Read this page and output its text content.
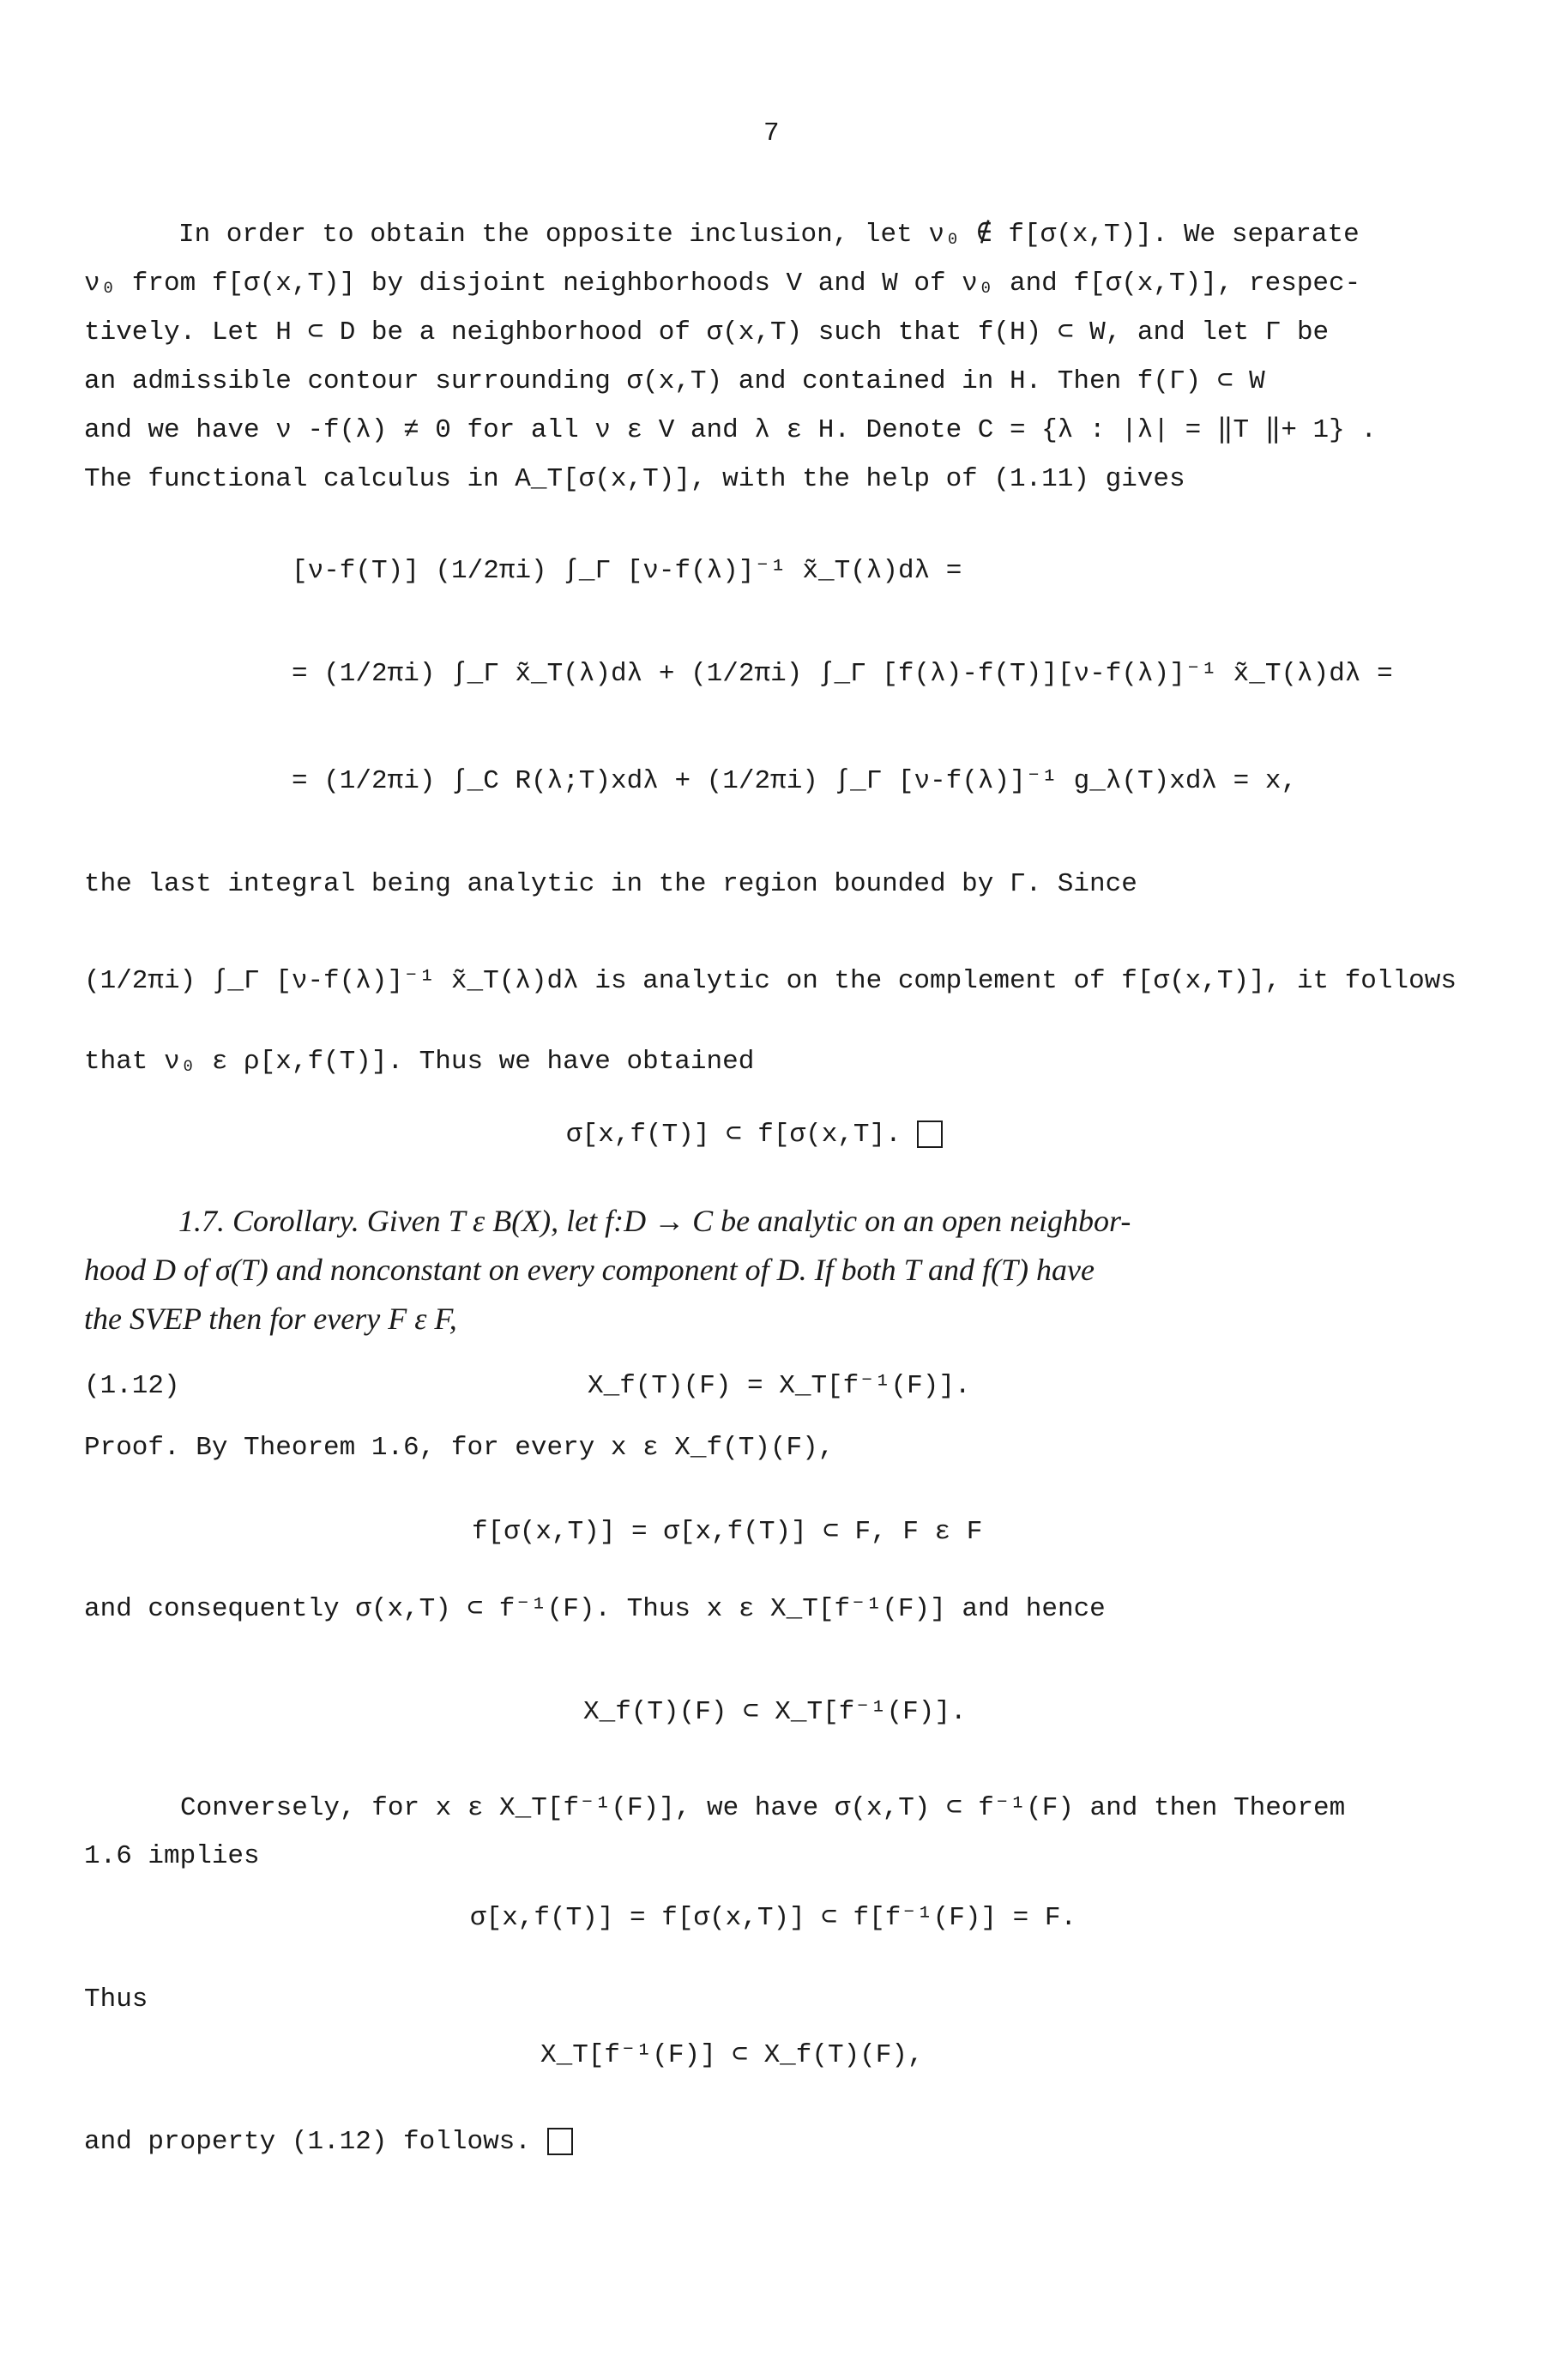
7
In order to obtain the opposite inclusion, let ν₀ ∉ f[σ(x,T)]. We separate
ν₀ from f[σ(x,T)] by disjoint neighborhoods V and W of ν₀ and f[σ(x,T)], respec-
tively. Let H ⊂ D be a neighborhood of σ(x,T) such that f(H) ⊂ W, and let Γ be
an admissible contour surrounding σ(x,T) and contained in H. Then f(Γ) ⊂ W
and we have ν -f(λ) ≠ 0 for all ν ε V and λ ε H. Denote C = {λ : |λ| = ‖T ‖+ 1} .
The functional calculus in A_T[σ(x,T)], with the help of (1.11) gives
[ν-f(T)] (1/2πi) ∫_Γ [ν-f(λ)]⁻¹ x̃_T(λ)dλ =
= (1/2πi) ∫_Γ x̃_T(λ)dλ + (1/2πi) ∫_Γ [f(λ)-f(T)][ν-f(λ)]⁻¹ x̃_T(λ)dλ =
= (1/2πi) ∫_C R(λ;T)xdλ + (1/2πi) ∫_Γ [ν-f(λ)]⁻¹ g_λ(T)xdλ = x,
the last integral being analytic in the region bounded by Γ. Since
(1/2πi) ∫_Γ [ν-f(λ)]⁻¹ x̃_T(λ)dλ is analytic on the complement of f[σ(x,T)], it follows
that ν₀ ε ρ[x,f(T)]. Thus we have obtained
σ[x,f(T)] ⊂ f[σ(x,T].
1.7. Corollary. Given T ε B(X), let f:D → C be analytic on an open neighbor-
hood D of σ(T) and nonconstant on every component of D. If both T and f(T) have
the SVEP then for every F ε F,
(1.12)	X_f(T)(F) = X_T[f⁻¹(F)].
Proof. By Theorem 1.6, for every x ε X_f(T)(F),
f[σ(x,T)] = σ[x,f(T)] ⊂ F, F ε F
and consequently σ(x,T) ⊂ f⁻¹(F). Thus x ε X_T[f⁻¹(F)] and hence
X_f(T)(F) ⊂ X_T[f⁻¹(F)].
Conversely, for x ε X_T[f⁻¹(F)], we have σ(x,T) ⊂ f⁻¹(F) and then Theorem
1.6 implies
σ[x,f(T)] = f[σ(x,T)] ⊂ f[f⁻¹(F)] = F.
Thus
X_T[f⁻¹(F)] ⊂ X_f(T)(F),
and property (1.12) follows.
